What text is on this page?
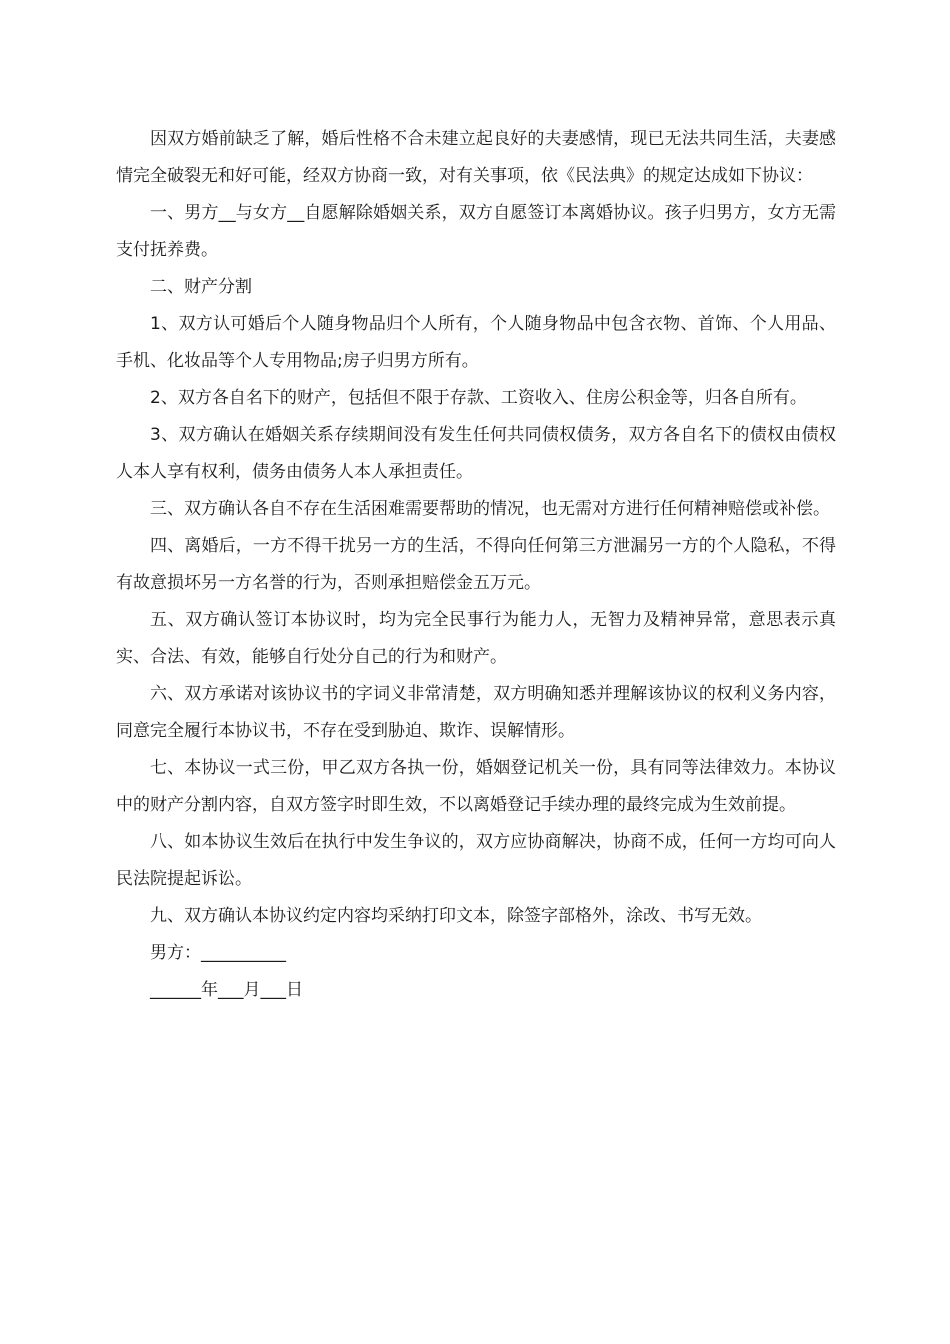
因双方婚前缺乏了解，婚后性格不合未建立起良好的夫妻感情，现已无法共同生活，夫妻感情完全破裂无和好可能，经双方协商一致，对有关事项，依《民法典》的规定达成如下协议：

一、男方__与女方__自愿解除婚姻关系，双方自愿签订本离婚协议。孩子归男方，女方无需支付抚养费。

二、财产分割

1、双方认可婚后个人随身物品归个人所有，个人随身物品中包含衣物、首饰、个人用品、手机、化妆品等个人专用物品;房子归男方所有。

2、双方各自名下的财产，包括但不限于存款、工资收入、住房公积金等，归各自所有。

3、双方确认在婚姻关系存续期间没有发生任何共同债权债务，双方各自名下的债权由债权人本人享有权利，债务由债务人本人承担责任。

三、双方确认各自不存在生活困难需要帮助的情况，也无需对方进行任何精神赔偿或补偿。

四、离婚后，一方不得干扰另一方的生活，不得向任何第三方泄漏另一方的个人隐私，不得有故意损坏另一方名誉的行为，否则承担赔偿金五万元。

五、双方确认签订本协议时，均为完全民事行为能力人，无智力及精神异常，意思表示真实、合法、有效，能够自行处分自己的行为和财产。

六、双方承诺对该协议书的字词义非常清楚，双方明确知悉并理解该协议的权利义务内容，同意完全履行本协议书，不存在受到胁迫、欺诈、误解情形。

七、本协议一式三份，甲乙双方各执一份，婚姻登记机关一份，具有同等法律效力。本协议中的财产分割内容，自双方签字时即生效，不以离婚登记手续办理的最终完成为生效前提。

八、如本协议生效后在执行中发生争议的，双方应协商解决，协商不成，任何一方均可向人民法院提起诉讼。

九、双方确认本协议约定内容均采纳打印文本，除签字部格外，涂改、书写无效。

男方：__________

______年___月___日
